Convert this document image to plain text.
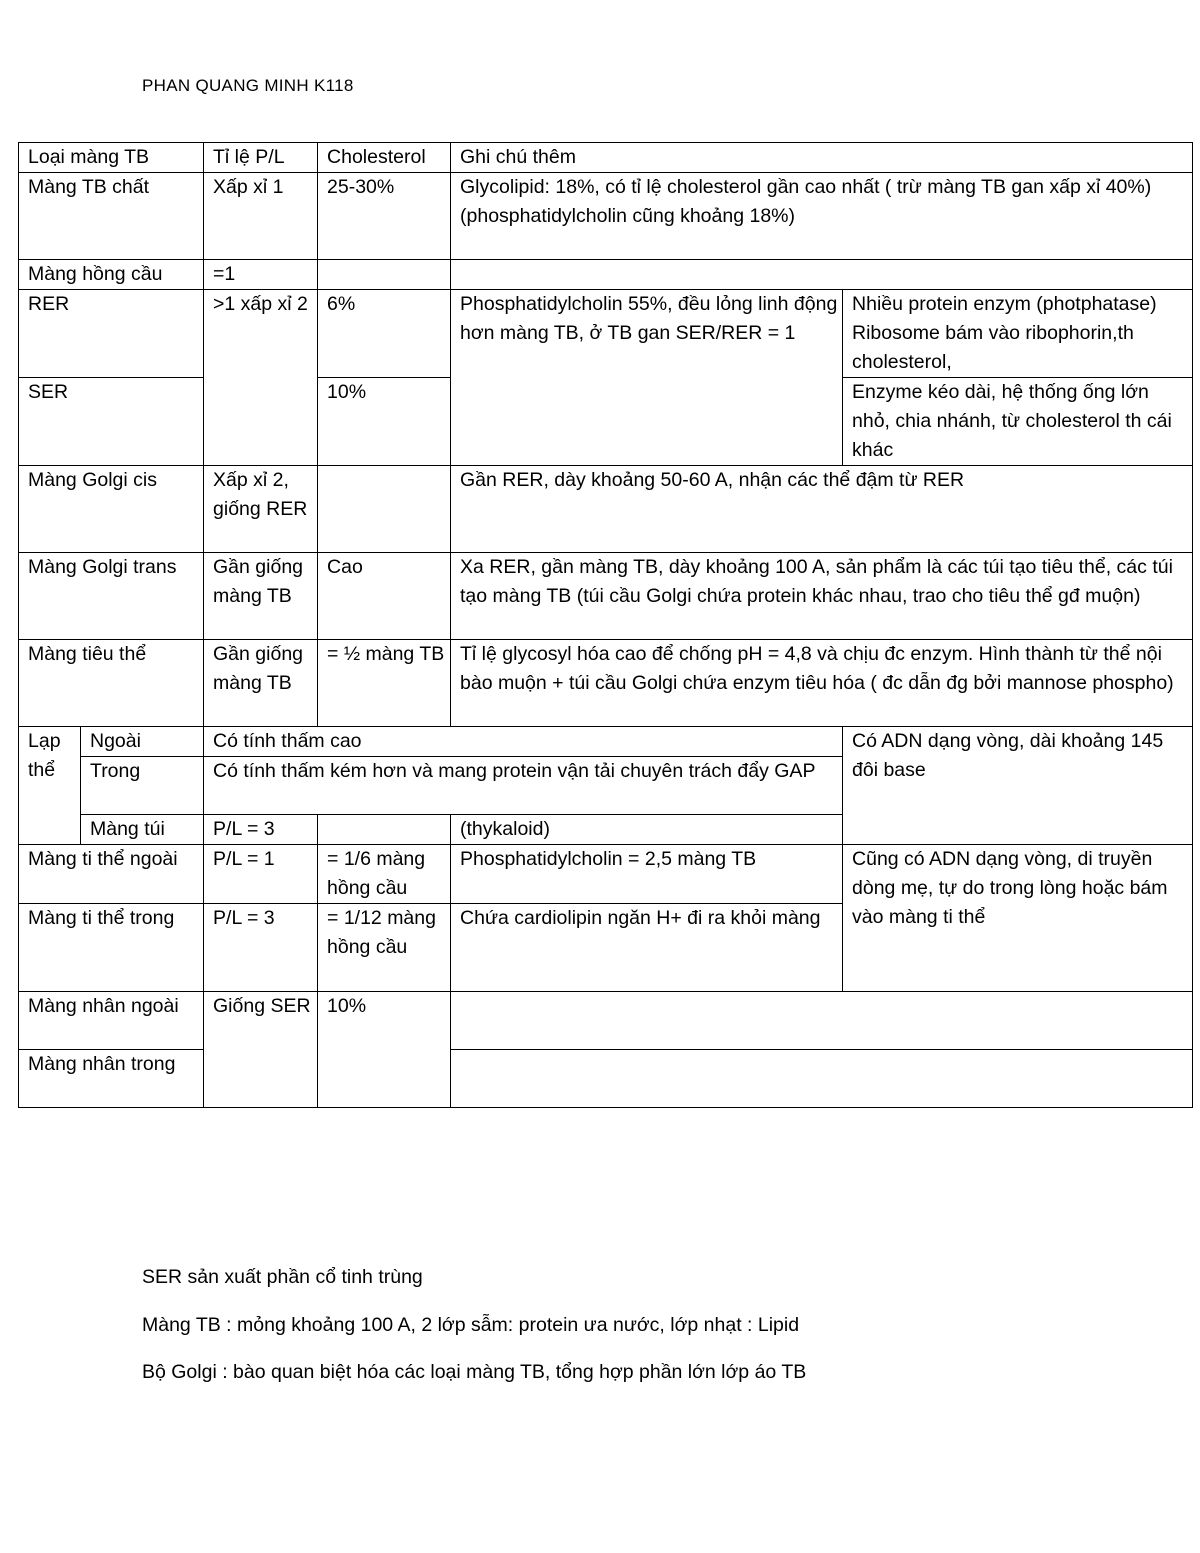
PHAN QUANG MINH K118
Loại màng TB		Tỉ lệ P/L	Cholesterol	Ghi chú thêm	
Màng TB chất		Xấp xỉ 1	25-30%	Glycolipid: 18%, có tỉ lệ cholesterol gần cao nhất ( trừ màng TB gan xấp xỉ 40%)
(phosphatidylcholin cũng khoảng 18%)	
Màng hồng cầu		=1			
RER		>1 xấp xỉ 2	6%	Phosphatidylcholin 55%, đều lỏng linh động hơn màng TB, ở TB gan SER/RER = 1	Nhiều protein enzym (photphatase)
Ribosome bám vào ribophorin,th cholesterol,
SER			10%		Enzyme kéo dài, hệ thống ống lớn nhỏ, chia nhánh, từ cholesterol th cái khác
Màng Golgi cis		Xấp xỉ 2, giống RER		Gần RER, dày khoảng 50-60 A, nhận các thể đậm từ RER	
Màng Golgi trans		Gần giống màng TB	Cao	Xa RER, gần màng TB, dày khoảng 100 A, sản phẩm là các túi tạo tiêu thể, các túi tạo màng TB (túi cầu Golgi chứa protein khác nhau, trao cho tiêu thể gđ muộn)	
Màng tiêu thể		Gần giống màng TB	= ½ màng TB	Tỉ lệ glycosyl hóa cao để chống pH = 4,8 và chịu đc enzym. Hình thành từ thể nội bào muộn + túi cầu Golgi chứa enzym tiêu hóa ( đc dẫn đg bởi mannose phospho)	
Lạp thể	Ngoài	Có tính thấm cao			Có ADN dạng vòng, dài khoảng 145 đôi base
	Trong	Có tính thấm kém hơn và mang protein vận tải chuyên trách đẩy GAP			
	Màng túi	P/L = 3		(thykaloid)	
Màng ti thể ngoài		P/L = 1	= 1/6 màng hồng cầu	Phosphatidylcholin = 2,5 màng TB	Cũng có ADN dạng vòng, di truyền dòng mẹ, tự do trong lòng hoặc bám vào màng ti thể
Màng ti thể trong		P/L = 3	= 1/12 màng hồng cầu	Chứa cardiolipin ngăn H+ đi ra khỏi màng	
Màng nhân ngoài		Giống SER	10%		
Màng nhân trong					
SER sản xuất phần cổ tinh trùng
Màng TB : mỏng khoảng 100 A, 2 lớp sẫm: protein ưa nước, lớp nhạt : Lipid
Bộ Golgi : bào quan biệt hóa các loại màng TB, tổng hợp phần lớn lớp áo TB
